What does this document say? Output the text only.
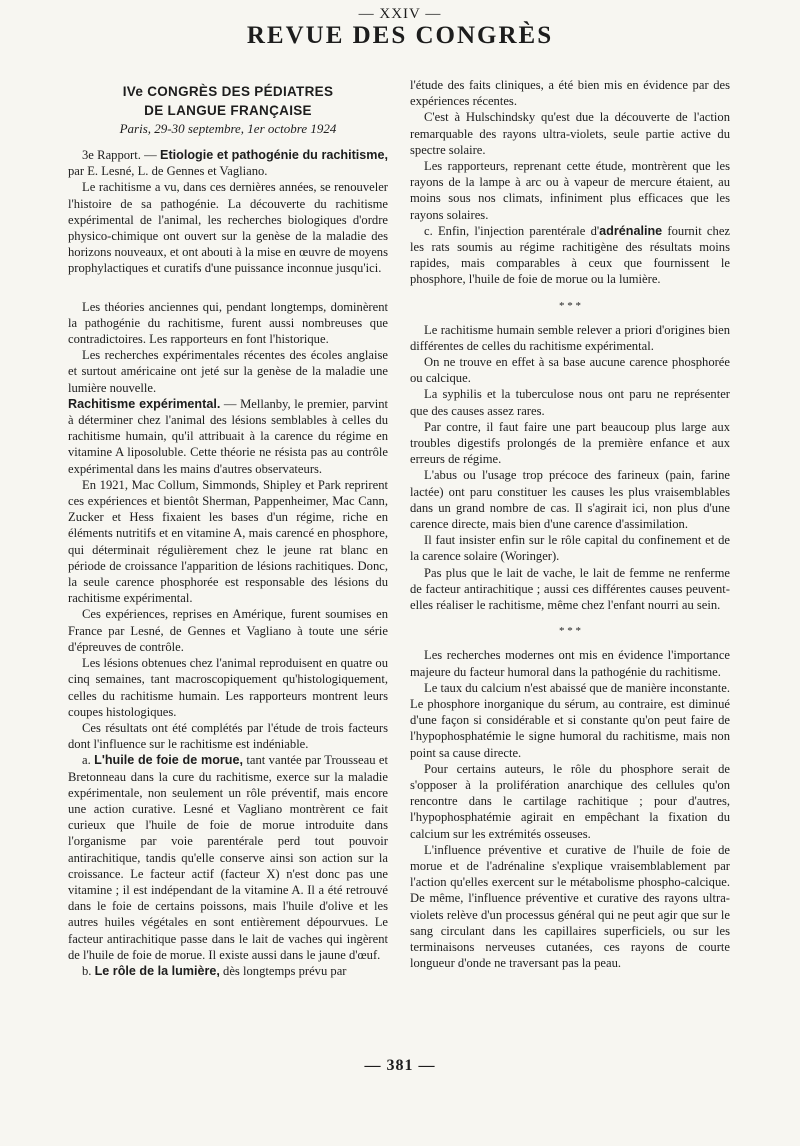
— XXIV —
REVUE DES CONGRÈS

IVe CONGRÈS DES PÉDIATRES

DE LANGUE FRANÇAISE

Paris, 29-30 septembre, 1er octobre 1924

3e Rapport. — Etiologie et pathogénie du rachitisme, par E. Lesné, L. de Gennes et Vagliano.

Le rachitisme a vu, dans ces dernières années, se renouveler l'histoire de sa pathogénie. La découverte du rachitisme expérimental de l'animal, les recherches biologiques d'ordre physico-chimique ont ouvert sur la genèse de la maladie des horizons nouveaux, et ont abouti à la mise en œuvre de moyens prophylactiques et curatifs d'une puissance inconnue jusqu'ici.

Les théories anciennes qui, pendant longtemps, dominèrent la pathogénie du rachitisme, furent aussi nombreuses que contradictoires. Les rapporteurs en font l'historique.

Les recherches expérimentales récentes des écoles anglaise et surtout américaine ont jeté sur la genèse de la maladie une lumière nouvelle.

Rachitisme expérimental. — Mellanby, le premier, parvint à déterminer chez l'animal des lésions semblables à celles du rachitisme humain, qu'il attribuait à la carence du régime en vitamine A liposoluble. Cette théorie ne résista pas au contrôle expérimental dans les mains d'autres observateurs.

En 1921, Mac Collum, Simmonds, Shipley et Park reprirent ces expériences et bientôt Sherman, Pappenheimer, Mac Cann, Zucker et Hess fixaient les bases d'un régime, riche en éléments nutritifs et en vitamine A, mais carencé en phosphore, qui déterminait régulièrement chez le jeune rat blanc en période de croissance l'apparition de lésions rachitiques. Donc, la seule carence phosphorée est responsable des lésions du rachitisme expérimental.

Ces expériences, reprises en Amérique, furent soumises en France par Lesné, de Gennes et Vagliano à toute une série d'épreuves de contrôle.

Les lésions obtenues chez l'animal reproduisent en quatre ou cinq semaines, tant macroscopiquement qu'histologiquement, celles du rachitisme humain. Les rapporteurs montrent leurs coupes histologiques.

Ces résultats ont été complétés par l'étude de trois facteurs dont l'influence sur le rachitisme est indéniable.

a. L'huile de foie de morue, tant vantée par Trousseau et Bretonneau dans la cure du rachitisme, exerce sur la maladie expérimentale, non seulement un rôle préventif, mais encore une action curative. Lesné et Vagliano montrèrent ce fait curieux que l'huile de foie de morue introduite dans l'organisme par voie parentérale perd tout pouvoir antirachitique, tandis qu'elle conserve ainsi son action sur la croissance. Le facteur actif (facteur X) n'est donc pas une vitamine ; il est indépendant de la vitamine A. Il a été retrouvé dans le foie de certains poissons, mais l'huile d'olive et les autres huiles végétales en sont entièrement dépourvues. Le facteur antirachitique passe dans le lait de vaches qui ingèrent de l'huile de foie de morue. Il existe aussi dans le jaune d'œuf.

b. Le rôle de la lumière, dès longtemps prévu par

l'étude des faits cliniques, a été bien mis en évidence par des expériences récentes.

C'est à Hulschindsky qu'est due la découverte de l'action remarquable des rayons ultra-violets, seule partie active du spectre solaire.

Les rapporteurs, reprenant cette étude, montrèrent que les rayons de la lampe à arc ou à vapeur de mercure étaient, au moins sous nos climats, infiniment plus efficaces que les rayons solaires.

c. Enfin, l'injection parentérale d'adrénaline fournit chez les rats soumis au régime rachitigène des résultats moins rapides, mais comparables à ceux que fournissent le phosphore, l'huile de foie de morue ou la lumière.

* * *

Le rachitisme humain semble relever a priori d'origines bien différentes de celles du rachitisme expérimental.

On ne trouve en effet à sa base aucune carence phosphorée ou calcique.

La syphilis et la tuberculose nous ont paru ne représenter que des causes assez rares.

Par contre, il faut faire une part beaucoup plus large aux troubles digestifs prolongés de la première enfance et aux erreurs de régime.

L'abus ou l'usage trop précoce des farineux (pain, farine lactée) ont paru constituer les causes les plus vraisemblables dans un grand nombre de cas. Il s'agirait ici, non plus d'une carence directe, mais bien d'une carence d'assimilation.

Il faut insister enfin sur le rôle capital du confinement et de la carence solaire (Woringer).

Pas plus que le lait de vache, le lait de femme ne renferme de facteur antirachitique ; aussi ces différentes causes peuvent-elles réaliser le rachitisme, même chez l'enfant nourri au sein.

* * *

Les recherches modernes ont mis en évidence l'importance majeure du facteur humoral dans la pathogénie du rachitisme.

Le taux du calcium n'est abaissé que de manière inconstante. Le phosphore inorganique du sérum, au contraire, est diminué d'une façon si considérable et si constante qu'on peut faire de l'hypophosphatémie le signe humoral du rachitisme, mais non point sa cause directe.

Pour certains auteurs, le rôle du phosphore serait de s'opposer à la prolifération anarchique des cellules qu'on rencontre dans le cartilage rachitique ; pour d'autres, l'hypophosphatémie agirait en empêchant la fixation du calcium sur les extrémités osseuses.

L'influence préventive et curative de l'huile de foie de morue et de l'adrénaline s'explique vraisemblablement par l'action qu'elles exercent sur le métabolisme phospho-calcique. De même, l'influence préventive et curative des rayons ultra-violets relève d'un processus général qui ne peut agir que sur le sang circulant dans les capillaires superficiels, ou sur les terminaisons nerveuses cutanées, ces rayons de courte longueur d'onde ne traversant pas la peau.

— 381 —
